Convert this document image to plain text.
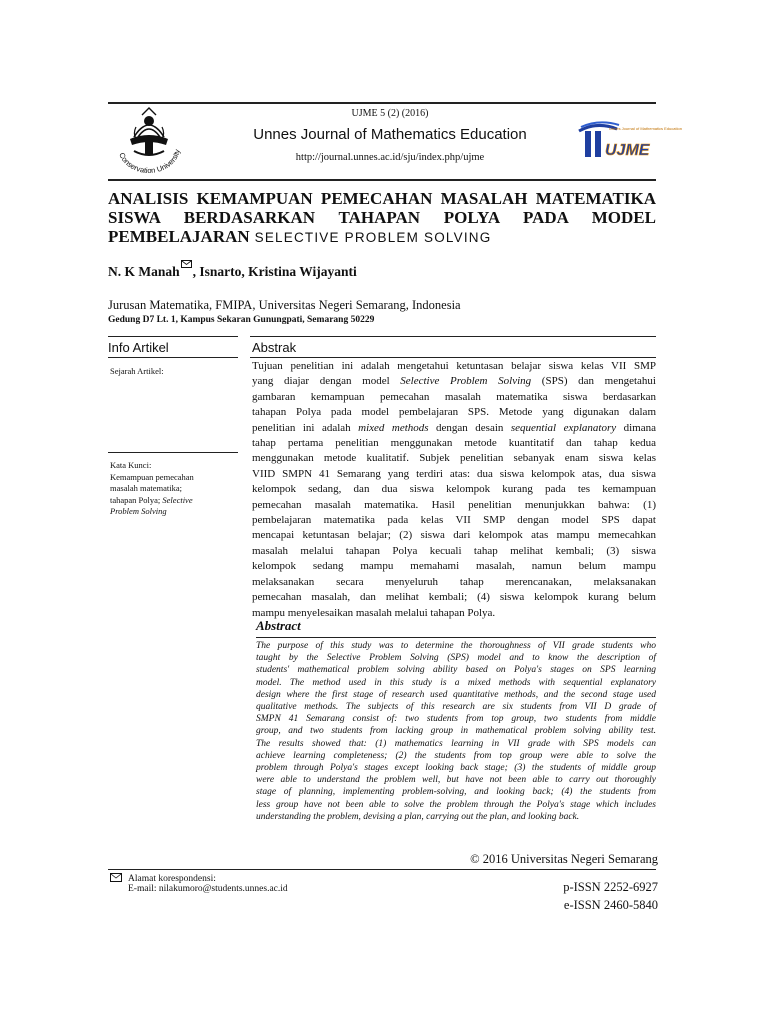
Conservation University
UJME 5 (2) (2016)
Unnes Journal of Mathematics Education
http://journal.unnes.ac.id/sju/index.php/ujme
Unnes Journal of Mathematics Education
UJME
ANALISIS KEMAMPUAN PEMECAHAN MASALAH MATEMATIKA
SISWA BERDASARKAN TAHAPAN POLYA PADA MODEL
PEMBELAJARAN SELECTIVE PROBLEM SOLVING
N. K Manah , Isnarto, Kristina Wijayanti
Jurusan Matematika, FMIPA, Universitas Negeri Semarang, Indonesia
Gedung D7 Lt. 1, Kampus Sekaran Gunungpati, Semarang 50229
Info Artikel
Sejarah Artikel:
Kata Kunci:
Kemampuan pemecahan
masalah matematika;
tahapan Polya; Selective
Problem Solving
Abstrak
Tujuan penelitian ini adalah mengetahui ketuntasan belajar siswa kelas VII SMP
yang diajar dengan model Selective Problem Solving (SPS) dan mengetahui
gambaran kemampuan pemecahan masalah matematika siswa berdasarkan
tahapan Polya pada model pembelajaran SPS. Metode yang digunakan dalam
penelitian ini adalah mixed methods dengan desain sequential explanatory dimana
tahap pertama penelitian menggunakan metode kuantitatif dan tahap kedua
menggunakan metode kualitatif. Subjek penelitian sebanyak enam siswa kelas
VIID SMPN 41 Semarang yang terdiri atas: dua siswa kelompok atas, dua siswa
kelompok sedang, dan dua siswa kelompok kurang pada tes kemampuan
pemecahan masalah matematika. Hasil penelitian menunjukkan bahwa: (1)
pembelajaran matematika pada kelas VII SMP dengan model SPS dapat
mencapai ketuntasan belajar; (2) siswa dari kelompok atas mampu memecahkan
masalah melalui tahapan Polya kecuali tahap melihat kembali; (3) siswa
kelompok sedang mampu memahami masalah, namun belum mampu
melaksanakan secara menyeluruh tahap merencanakan, melaksanakan
pemecahan masalah, dan melihat kembali; (4) siswa kelompok kurang belum
mampu menyelesaikan masalah melalui tahapan Polya.
Abstract
The purpose of this study was to determine the thoroughness of VII grade students who
taught by the Selective Problem Solving (SPS) model and to know the description of
students' mathematical problem solving ability based on Polya's stages on SPS learning
model. The method used in this study is a mixed methods with sequential explanatory
design where the first stage of research used quantitative methods, and the second stage used
qualitative methods. The subjects of this research are six students from VII D grade of
SMPN 41 Semarang consist of: two students from top group, two students from middle
group, and two students from lacking group in mathematical problem solving ability test.
The results showed that: (1) mathematics learning in VII grade with SPS models can
achieve learning completeness; (2) the students from top group were able to solve the
problem through Polya's stages except looking back stage; (3) the students of middle group
were able to understand the problem well, but have not been able to carry out thoroughly
stage of planning, implementing problem-solving, and looking back; (4) the students from
less group have not been able to solve the problem through the Polya's stage which includes
understanding the problem, devising a plan, carrying out the plan, and looking back.
© 2016 Universitas Negeri Semarang
Alamat korespondensi:
E-mail: nilakumoro@students.unnes.ac.id	p-ISSN 2252-6927
e-ISSN 2460-5840
